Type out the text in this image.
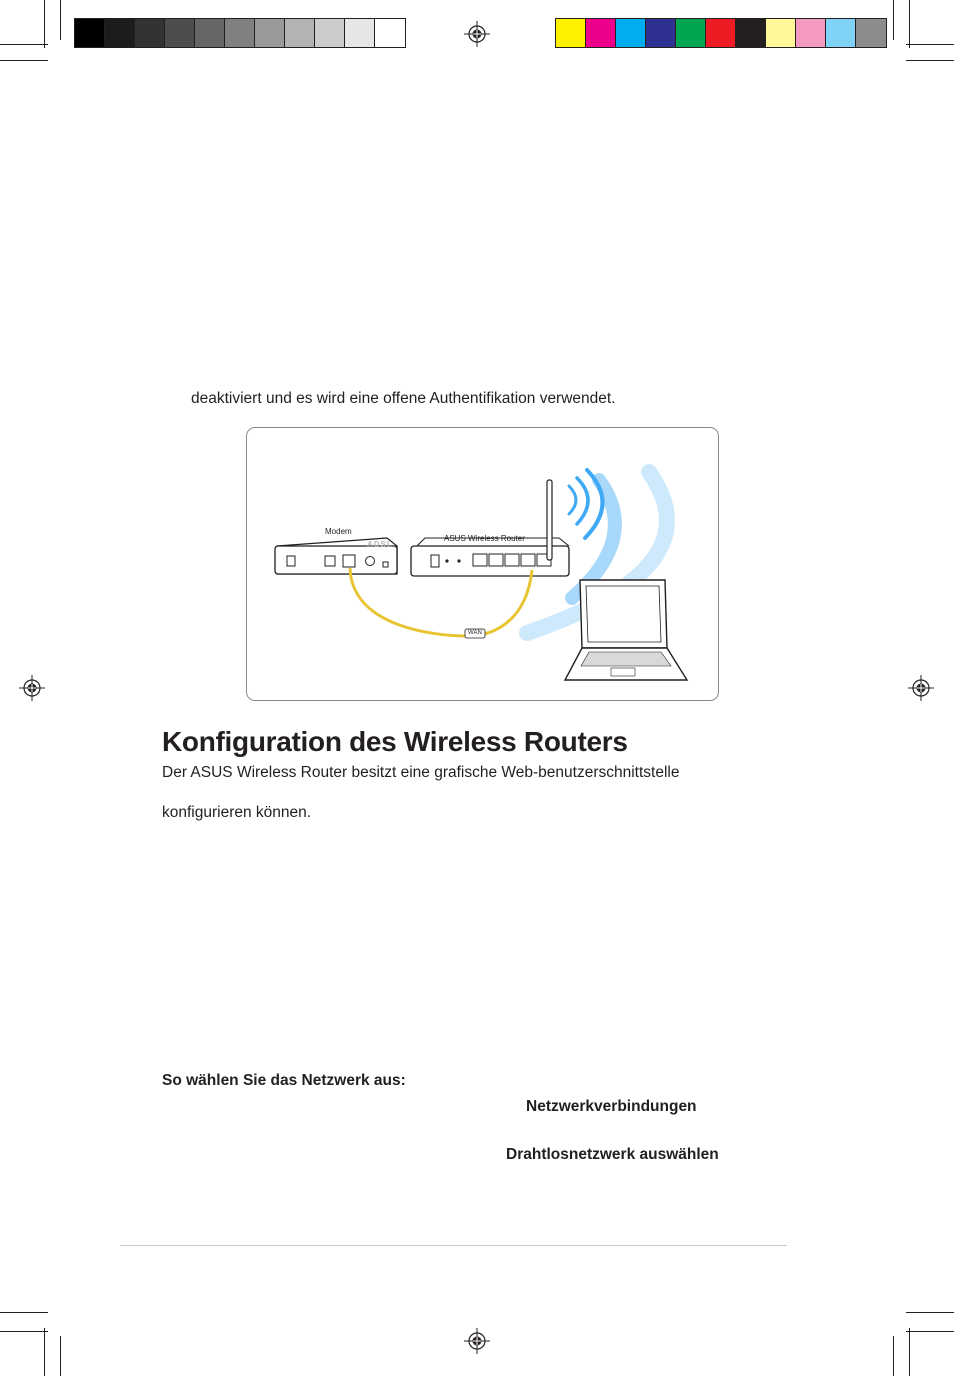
deaktiviert und es wird eine offene Authentifikation verwendet.
Modem
ADSL
ASUS Wireless Router
WAN
Konfiguration des Wireless Routers
Der ASUS Wireless Router besitzt eine grafische Web-benutzerschnittstelle
konfigurieren können.
So wählen Sie das Netzwerk aus:
Netzwerkverbindungen
Drahtlosnetzwerk auswählen
